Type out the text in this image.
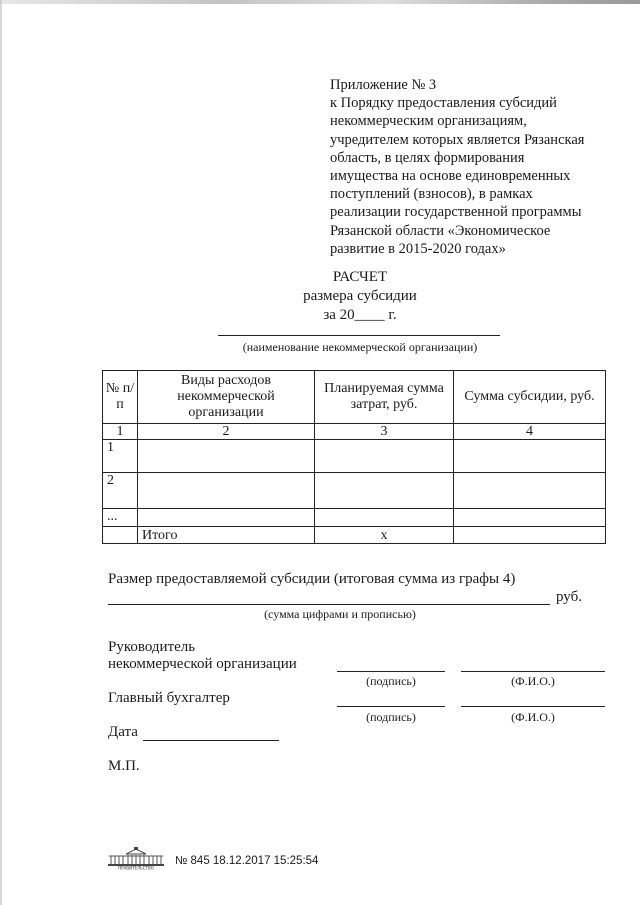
Приложение № 3
к Порядку предоставления субсидий
некоммерческим организациям,
учредителем которых является Рязанская
область, в целях формирования
имущества на основе единовременных
поступлений (взносов), в рамках
реализации государственной программы
Рязанской области «Экономическое
развитие в 2015-2020 годах»
РАСЧЕТ
размера субсидии
за 20____ г.
(наименование некоммерческой организации)
№ п/п	Виды расходов некоммерческой организации	Планируемая сумма затрат, руб.	Сумма субсидии, руб.
1	2	3	4
1			
2			
...			
	Итого	х	
Размер предоставляемой субсидии (итоговая сумма из графы 4)
руб.
(сумма цифрами и прописью)
Руководитель
некоммерческой организации
(подпись)	(Ф.И.О.)
Главный бухгалтер
(подпись)	(Ф.И.О.)
Дата
М.П.
ПРАВИТЕЛЬСТВО
№ 845 18.12.2017 15:25:54
